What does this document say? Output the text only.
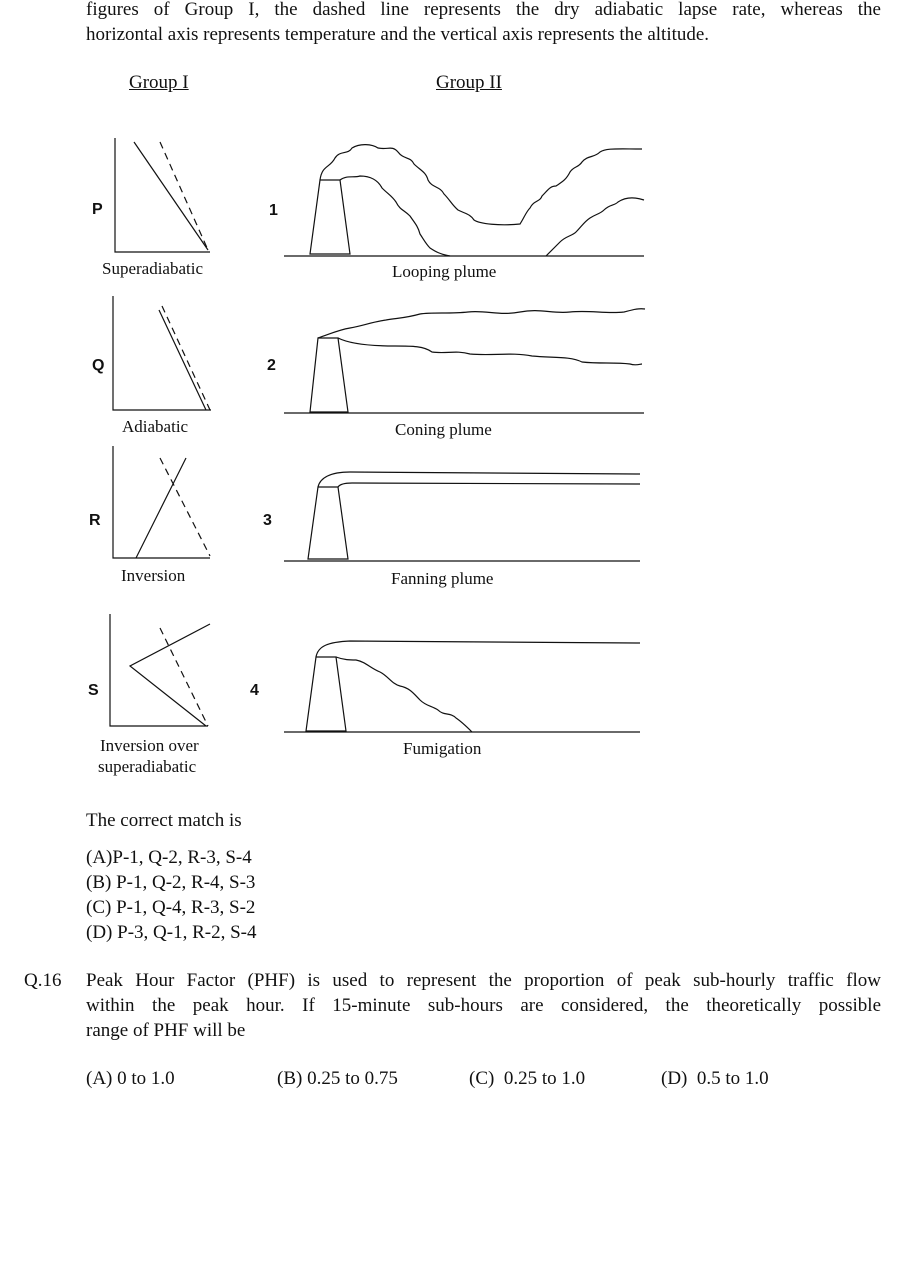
figures of Group I, the dashed line represents the dry adiabatic lapse rate, whereas the
horizontal axis represents temperature and the vertical axis represents the altitude.
Group I	Group II
P
Q
R
S
1
2
3
4
Superadiabatic
Adiabatic
Inversion
Inversion over
superadiabatic
Looping plume
Coning plume
Fanning plume
Fumigation
The correct match is
(A)P-1, Q-2, R-3, S-4
(B) P-1, Q-2, R-4, S-3
(C) P-1, Q-4, R-3, S-2
(D) P-3, Q-1, R-2, S-4
Q.16 Peak Hour Factor (PHF) is used to represent the proportion of peak sub-hourly traffic flow
within the peak hour. If 15-minute sub-hours are considered, the theoretically possible
range of PHF will be
(A) 0 to 1.0	(B) 0.25 to 0.75	(C) 0.25 to 1.0	(D) 0.5 to 1.0
